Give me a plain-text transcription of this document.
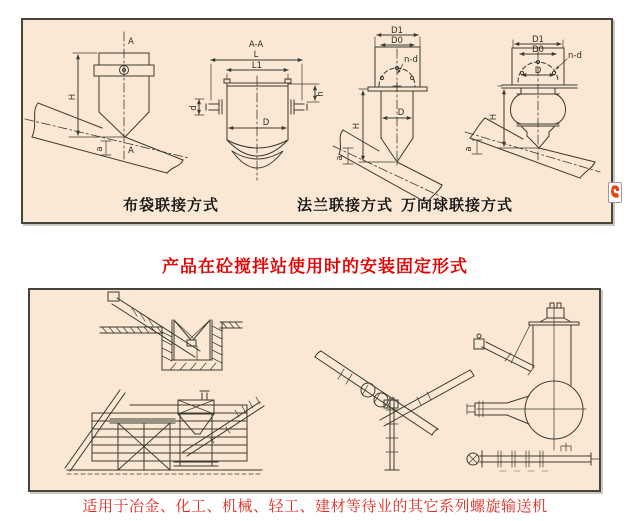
A
A
H
a
A-A
L
L1
D
d
h
D1
D0
n-d
D
H
a
D1
D0
n-d
D
H
a
布袋联接方式	法兰联接方式 万向球联接方式
产品在砼搅拌站使用时的安装固定形式

适用于冶金、化工、机械、轻工、建材等待业的其它系列螺旋输送机
